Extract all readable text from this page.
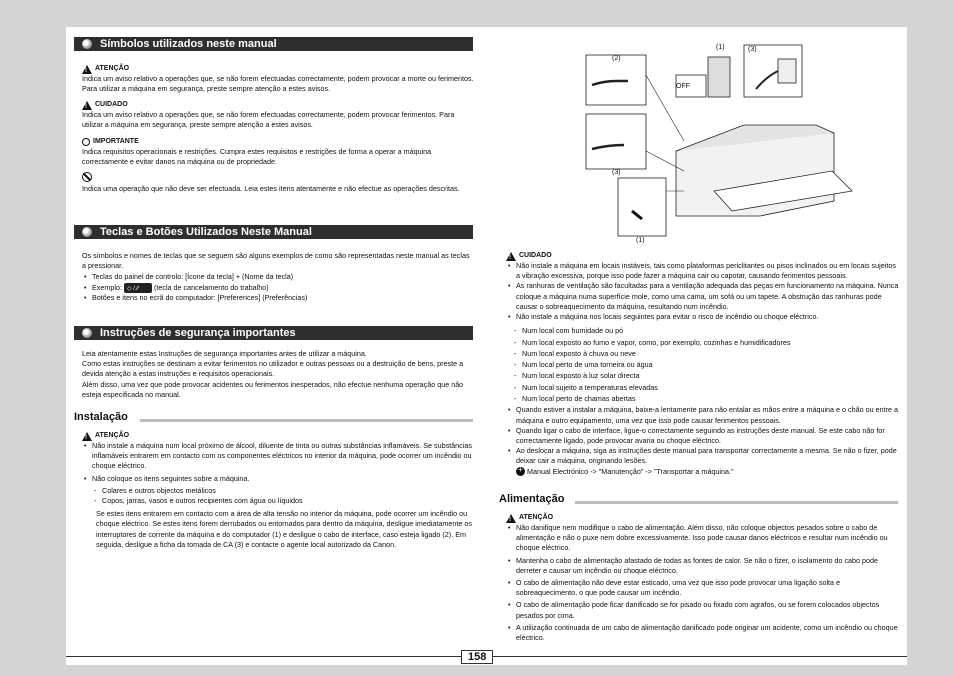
Símbolos utilizados neste manual
!
ATENÇÃO
Indica um aviso relativo a operações que, se não forem efectuadas correctamente, podem provocar a morte ou ferimentos. Para utilizar a máquina em segurança, preste sempre atenção a estes avisos.
!
CUIDADO
Indica um aviso relativo a operações que, se não forem efectuadas correctamente, podem provocar ferimentos. Para utilizar a máquina em segurança, preste sempre atenção a estes avisos.
IMPORTANTE
Indica requisitos operacionais e restrições. Cumpra estes requisitos e restrições de forma a operar a máquina correctamente e evitar danos na máquina ou de propriedade.
Indica uma operação que não deve ser efectuada. Leia estes itens atentamente e não efectue as operações descritas.
Teclas e Botões Utilizados Neste Manual
Os símbolos e nomes de teclas que se seguem são alguns exemplos de como são representadas neste manual as teclas a pressionar.
• Teclas do painel de controlo: [Ícone da tecla] + (Nome da tecla)
• Exemplo: ◇ / ∕∕	(tecla de cancelamento do trabalho)
• Botões e itens no ecrã do computador: [Preferences] (Preferências)
Instruções de segurança importantes
Leia atentamente estas Instruções de segurança importantes antes de utilizar a máquina.
Como estas instruções se destinam a evitar ferimentos no utilizador e outras pessoas ou a destruição de bens, preste a devida atenção a estas instruções e requisitos operacionais.
Além disso, uma vez que pode provocar acidentes ou ferimentos inesperados, não efectue nenhuma operação que não esteja especificada no manual.
Instalação
!
ATENÇÃO
• Não instale a máquina num local próximo de álcool, diluente de tinta ou outras substâncias inflamáveis. Se substâncias inflamáveis entrarem em contacto com os componentes eléctricos no interior da máquina, pode ocorrer um incêndio ou choque eléctrico.
• Não coloque os itens seguintes sobre a máquina.
- Colares e outros objectos metálicos
- Copos, jarras, vasos e outros recipientes com água ou líquidos
Se estes itens entrarem em contacto com a área de alta tensão no interior da máquina, pode ocorrer um incêndio ou choque eléctrico. Se estes itens forem derrubados ou entornados para dentro da máquina, desligue imediatamente os interruptores de corrente da máquina e do computador (1) e desligue o cabo de interface, caso esteja ligado (2). Em seguida, desligue a ficha da tomada de CA (3) e contacte o agente local autorizado da Canon.
(1)	(3)
(2)
OFF
(3)
(1)
!
CUIDADO
• Não instale a máquina em locais instáveis, tais como plataformas periclitantes ou pisos inclinados ou em locais sujeitos a vibração excessiva, porque isso pode fazer a máquina cair ou capotar, causando ferimentos pessoais.
• As ranhuras de ventilação são facultadas para a ventilação adequada das peças em funcionamento na máquina. Nunca coloque a máquina numa superfície mole, como uma cama, um sofá ou um tapete. A obstrução das ranhuras pode causar o sobreaquecimento da máquina, resultando num incêndio.
• Não instale a máquina nos locais seguintes para evitar o risco de incêndio ou choque eléctrico.
- Num local com humidade ou pó
- Num local exposto ao fumo e vapor, como, por exemplo, cozinhas e humidificadores
- Num local exposto à chuva ou neve
- Num local perto de uma torneira ou água
- Num local exposto à luz solar directa
- Num local sujeito a temperaturas elevadas
- Num local perto de chamas abertas
• Quando estiver a instalar a máquina, baixe-a lentamente para não entalar as mãos entre a máquina e o chão ou entre a máquina e outro equipamento, uma vez que isso pode causar ferimentos pessoais.
• Quando ligar o cabo de interface, ligue-o correctamente seguindo as instruções deste manual. Se este cabo não for correctamente ligado, pode provocar avaria ou choque eléctrico.
• Ao deslocar a máquina, siga as instruções deste manual para transportar correctamente a mesma. Se não o fizer, pode deixar cair a máquina, originando lesões.
+ Manual Electrónico -> "Manutenção" -> "Transportar a máquina."
Alimentação
!
ATENÇÃO
• Não danifique nem modifique o cabo de alimentação. Além disso, não coloque objectos pesados sobre o cabo de alimentação e não o puxe nem dobre excessivamente. Isso pode causar danos eléctricos e resultar num incêndio ou choque eléctrico.
• Mantenha o cabo de alimentação afastado de todas as fontes de calor. Se não o fizer, o isolamento do cabo pode derreter e causar um incêndio ou choque eléctrico.
• O cabo de alimentação não deve estar esticado, uma vez que isso pode provocar uma ligação solta e sobreaquecimento, o que pode causar um incêndio.
• O cabo de alimentação pode ficar danificado se for pisado ou fixado com agrafos, ou se forem colocados objectos pesados por cima.
• A utilização continuada de um cabo de alimentação danificado pode originar um acidente, como um incêndio ou choque eléctrico.
158
